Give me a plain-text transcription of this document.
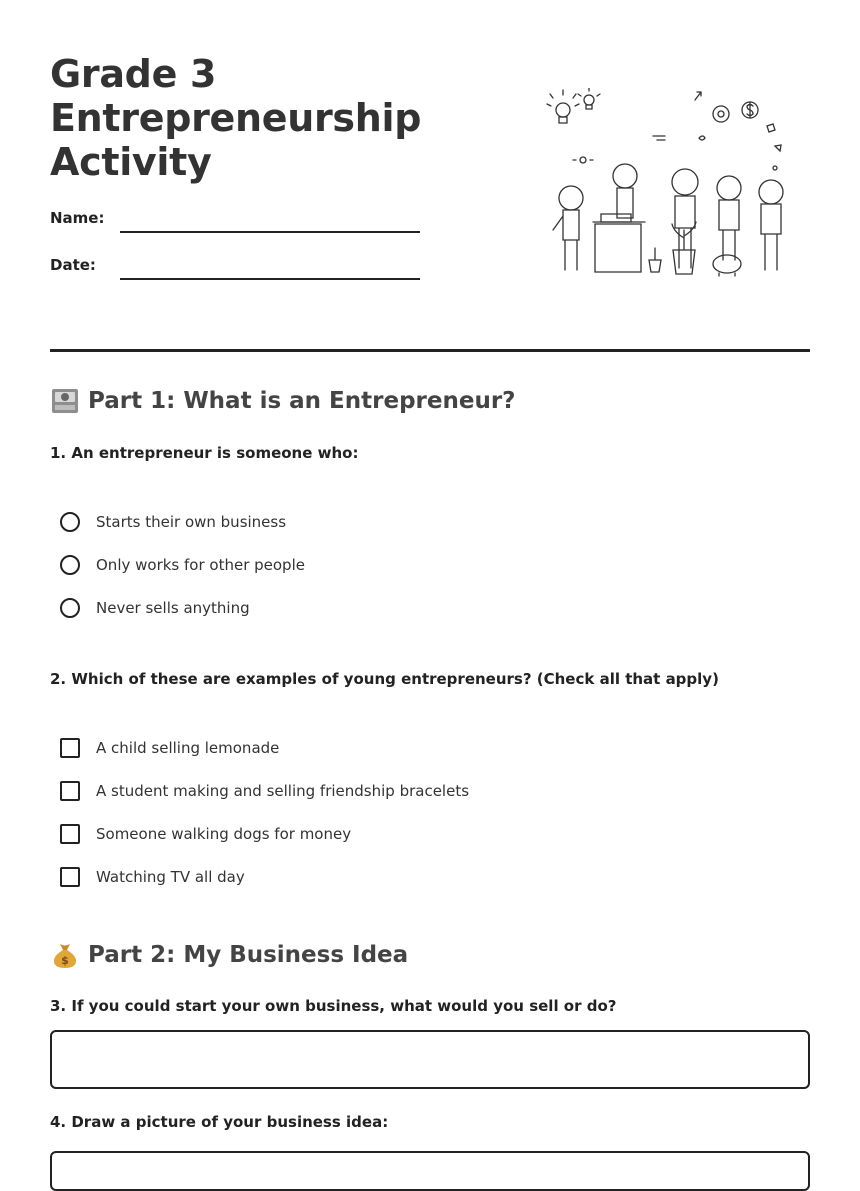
Grade 3
Entrepreneurship
Activity
Name:
Date:
Part 1: What is an Entrepreneur?
1. An entrepreneur is someone who:
Starts their own business
Only works for other people
Never sells anything
2. Which of these are examples of young entrepreneurs? (Check all that apply)
A child selling lemonade
A student making and selling friendship bracelets
Someone walking dogs for money
Watching TV all day
$ Part 2: My Business Idea
3. If you could start your own business, what would you sell or do?
4. Draw a picture of your business idea:
